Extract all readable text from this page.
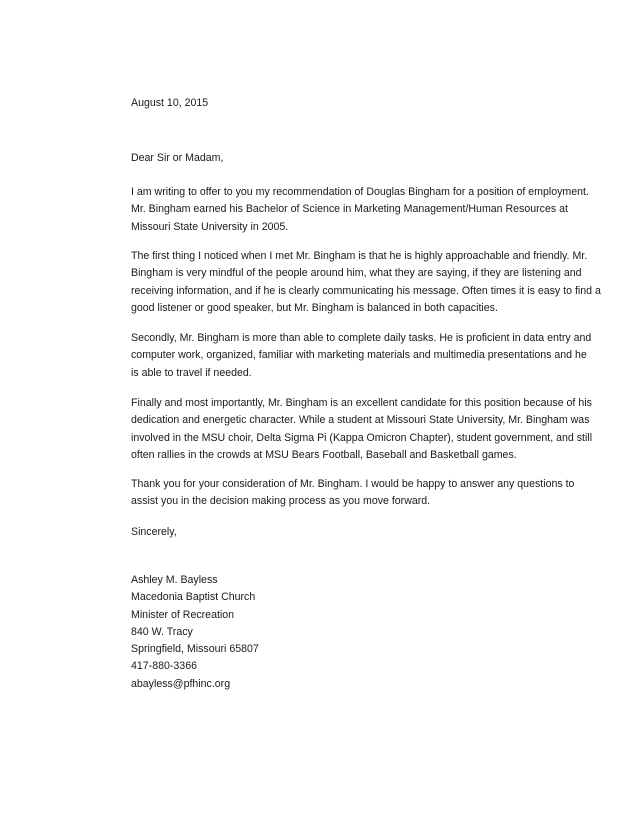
August 10, 2015
Dear Sir or Madam,
I am writing to offer to you my recommendation of Douglas Bingham for a position of employment.
Mr. Bingham earned his Bachelor of Science in Marketing Management/Human Resources at
Missouri State University in 2005.
The first thing I noticed when I met Mr. Bingham is that he is highly approachable and friendly. Mr.
Bingham is very mindful of the people around him, what they are saying, if they are listening and
receiving information, and if he is clearly communicating his message. Often times it is easy to find a
good listener or good speaker, but Mr. Bingham is balanced in both capacities.
Secondly, Mr. Bingham is more than able to complete daily tasks. He is proficient in data entry and
computer work, organized, familiar with marketing materials and multimedia presentations and he
is able to travel if needed.
Finally and most importantly, Mr. Bingham is an excellent candidate for this position because of his
dedication and energetic character. While a student at Missouri State University, Mr. Bingham was
involved in the MSU choir, Delta Sigma Pi (Kappa Omicron Chapter), student government, and still
often rallies in the crowds at MSU Bears Football, Baseball and Basketball games.
Thank you for your consideration of Mr. Bingham. I would be happy to answer any questions to
assist you in the decision making process as you move forward.
Sincerely,
Ashley M. Bayless
Macedonia Baptist Church
Minister of Recreation
840 W. Tracy
Springfield, Missouri 65807
417-880-3366
abayless@pfhinc.org
